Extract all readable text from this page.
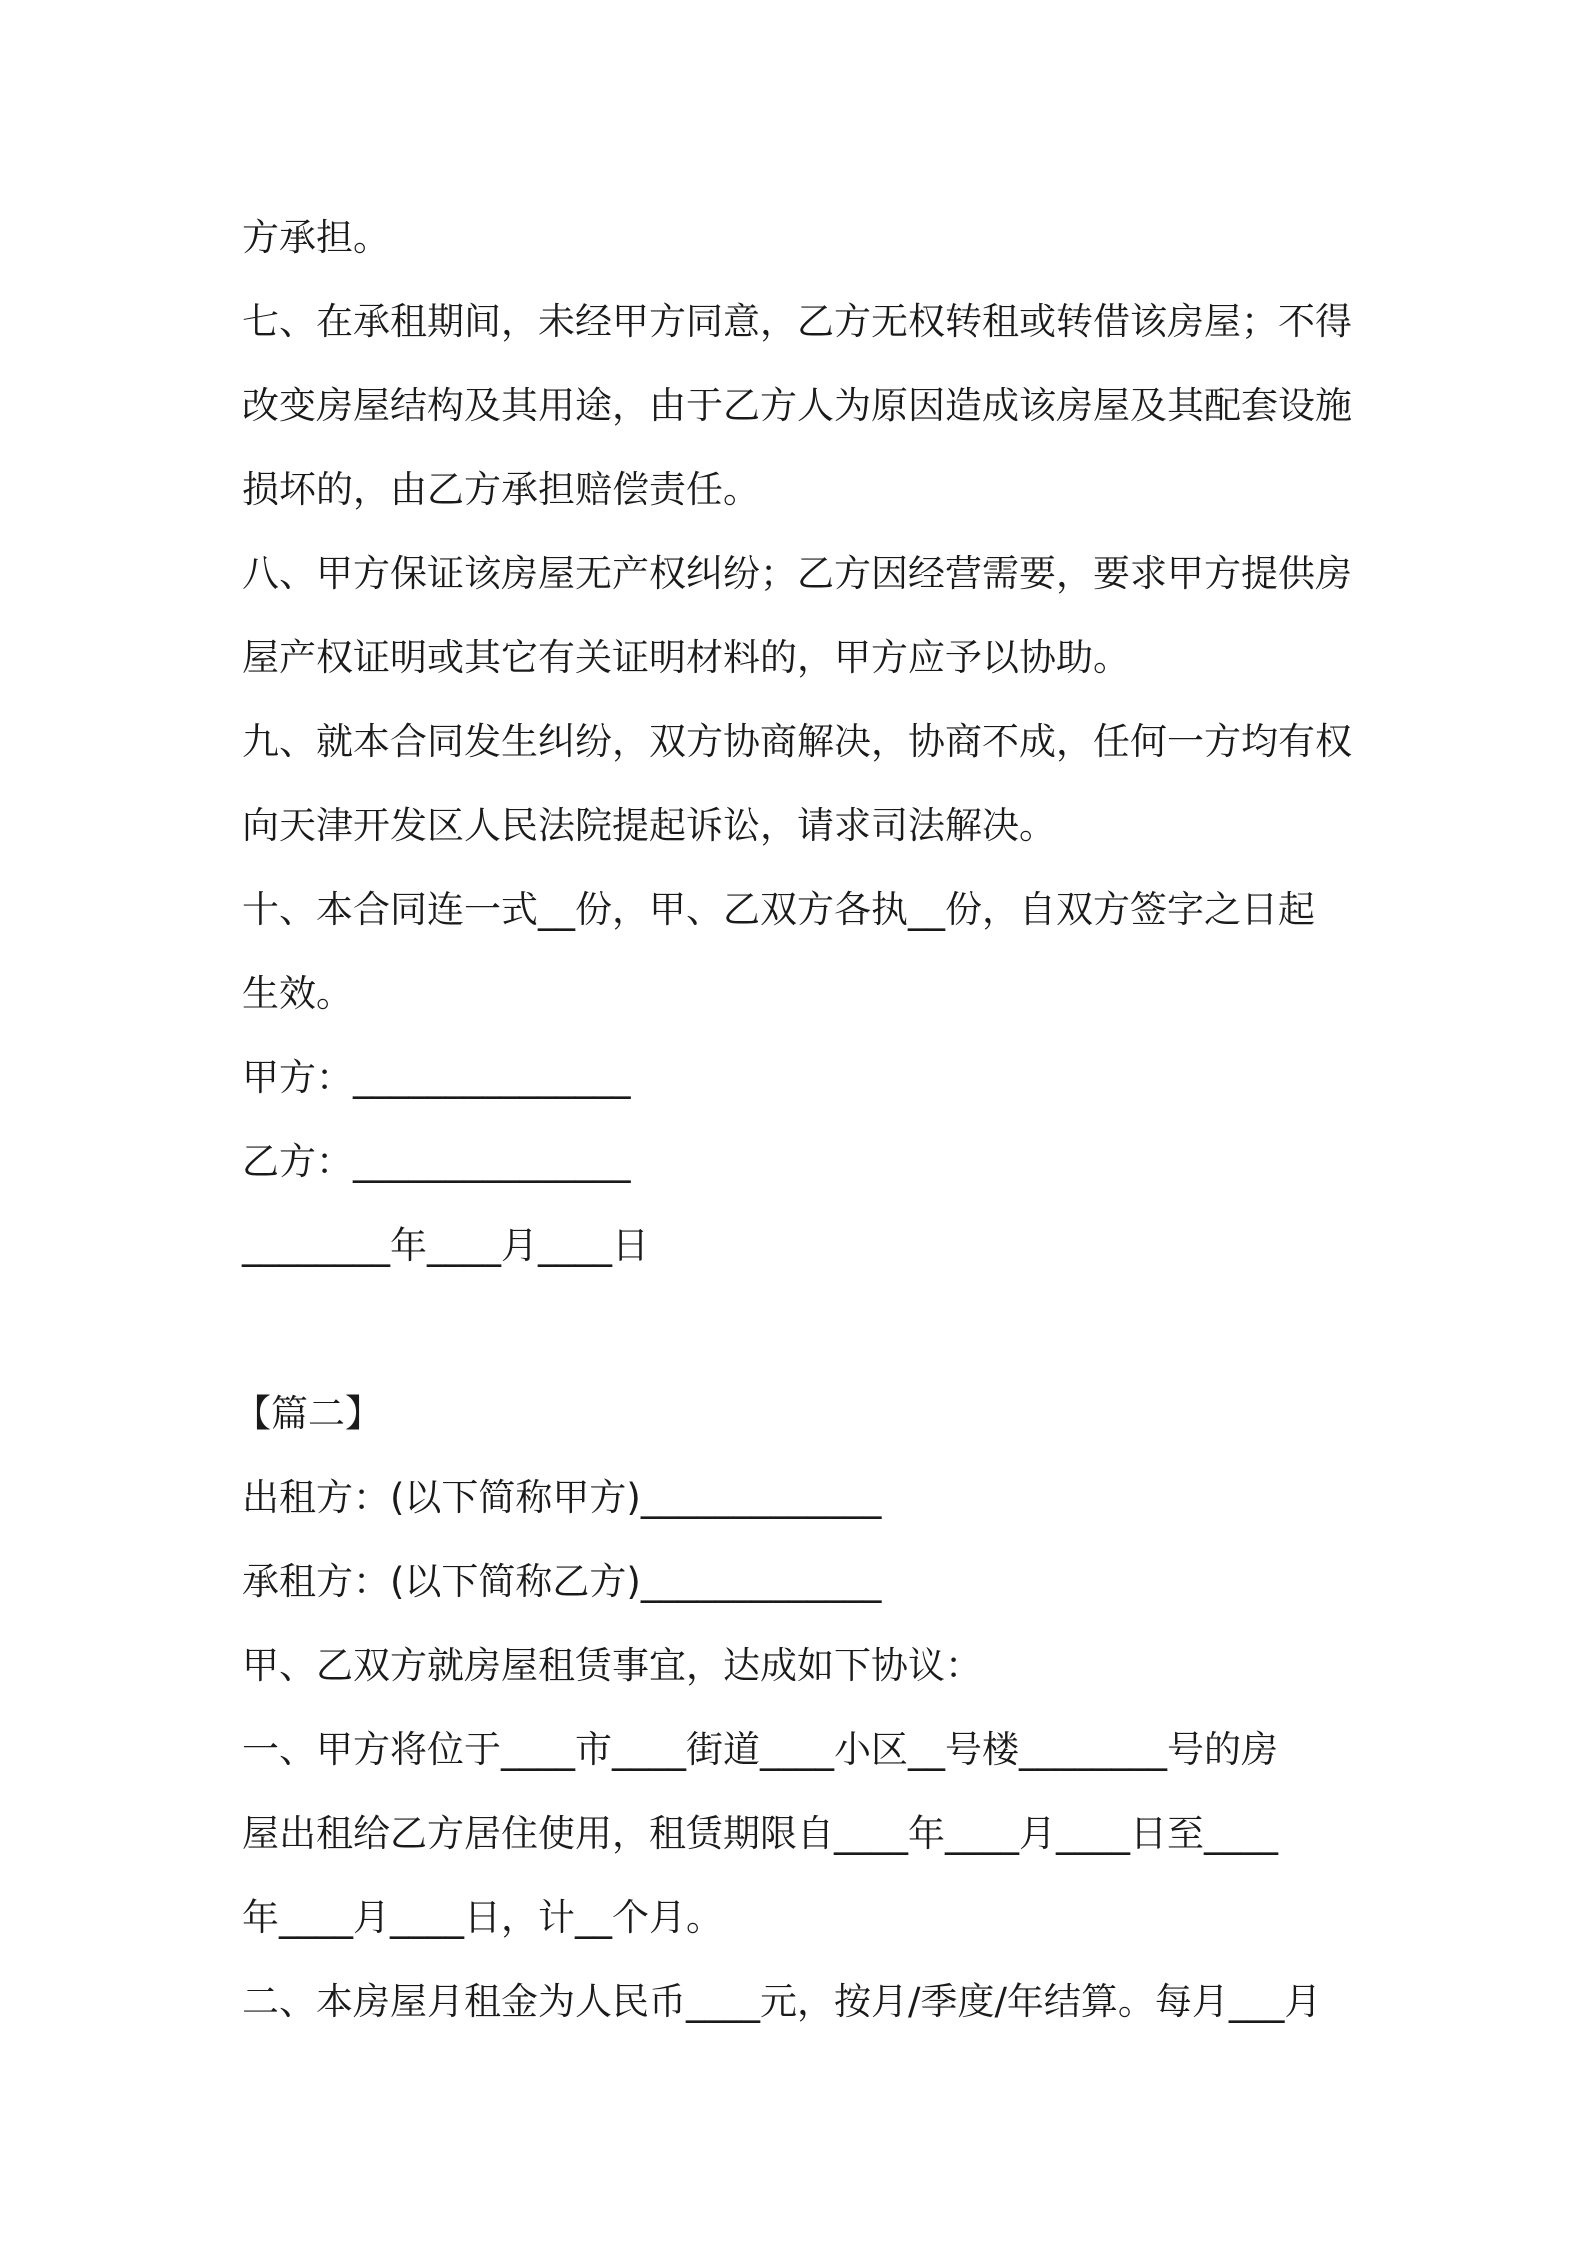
方承担。
七、在承租期间，未经甲方同意，乙方无权转租或转借该房屋；不得
改变房屋结构及其用途，由于乙方人为原因造成该房屋及其配套设施
损坏的，由乙方承担赔偿责任。
八、甲方保证该房屋无产权纠纷；乙方因经营需要，要求甲方提供房
屋产权证明或其它有关证明材料的，甲方应予以协助。
九、就本合同发生纠纷，双方协商解决，协商不成，任何一方均有权
向天津开发区人民法院提起诉讼，请求司法解决。
十、本合同连一式__份，甲、乙双方各执__份，自双方签字之日起
生效。
甲方：_______________
乙方：_______________
________年____月____日
【篇二】
出租方：(以下简称甲方)_____________
承租方：(以下简称乙方)_____________
甲、乙双方就房屋租赁事宜，达成如下协议：
一、甲方将位于____市____街道____小区__号楼________号的房
屋出租给乙方居住使用，租赁期限自____年____月____日至____
年____月____日，计__个月。
二、本房屋月租金为人民币____元，按月/季度/年结算。每月___月
